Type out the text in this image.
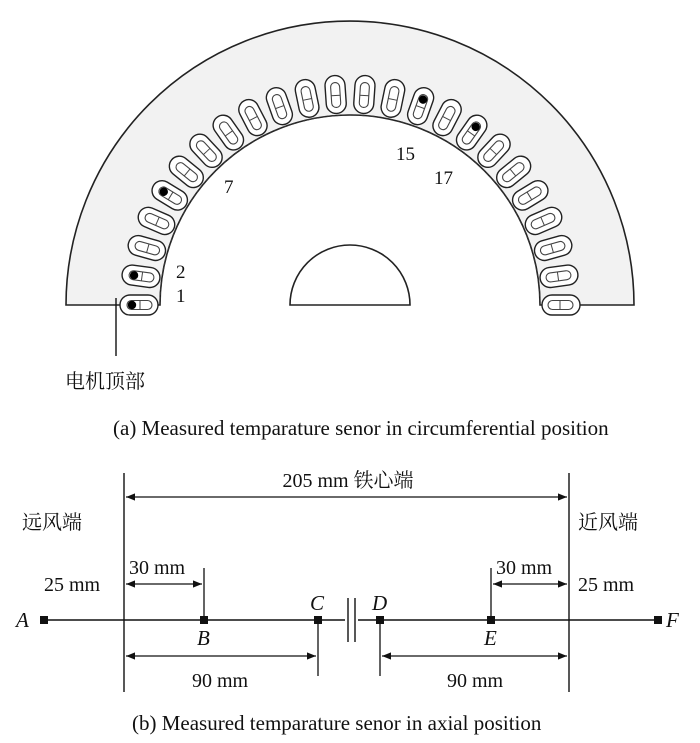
电机顶部
1
2
7
15
17
(a) Measured temparature senor in circumferential position
205 mm 铁心端
远风端	近风端
25 mm	25 mm
30 mm	30 mm
A
B
C D
E
F
90 mm	90 mm
(b) Measured temparature senor in axial position
